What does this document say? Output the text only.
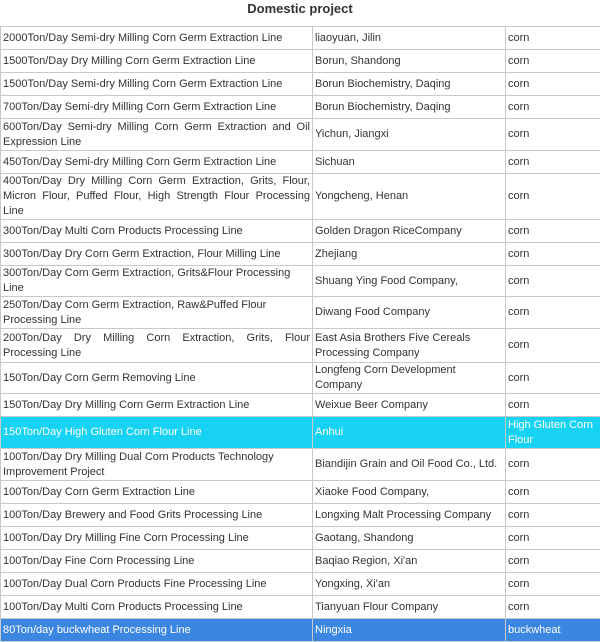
Domestic project
2000Ton/Day Semi-dry Milling Corn Germ Extraction Line	liaoyuan, Jilin	corn
1500Ton/Day Dry Milling Corn Germ Extraction Line	Borun, Shandong	corn
1500Ton/Day Semi-dry Milling Corn Germ Extraction Line	Borun Biochemistry, Daqing	corn
700Ton/Day Semi-dry Milling Corn Germ Extraction Line	Borun Biochemistry, Daqing	corn
600Ton/Day Semi-dry Milling Corn Germ Extraction and Oil Expression Line	Yichun, Jiangxi	corn
450Ton/Day Semi-dry Milling Corn Germ Extraction Line	Sichuan	corn
400Ton/Day Dry Milling Corn Germ Extraction, Grits, Flour, Micron Flour, Puffed Flour, High Strength Flour Processing Line	Yongcheng, Henan	corn
300Ton/Day Multi Corn Products Processing Line	Golden Dragon RiceCompany	corn
300Ton/Day Dry Corn Germ Extraction, Flour Milling Line	Zhejiang	corn
300Ton/Day Corn Germ Extraction, Grits&Flour Processing Line	Shuang Ying Food Company,	corn
250Ton/Day Corn Germ Extraction, Raw&Puffed Flour Processing Line	Diwang Food Company	corn
200Ton/Day Dry Milling Corn Extraction, Grits, Flour Processing Line	East Asia Brothers Five Cereals Processing Company	corn
150Ton/Day Corn Germ Removing Line	Longfeng Corn Development Company	corn
150Ton/Day Dry Milling Corn Germ Extraction Line	Weixue Beer Company	corn
150Ton/Day High Gluten Corn Flour Line	Anhui	High Gluten Corn Flour
100Ton/Day Dry Milling Dual Corn Products Technology Improvement Project	Biandijin Grain and Oil Food Co., Ltd.	corn
100Ton/Day Corn Germ Extraction Line	Xiaoke Food Company,	corn
100Ton/Day Brewery and Food Grits Processing Line	Longxing Malt Processing Company	corn
100Ton/Day Dry Milling Fine Corn Processing Line	Gaotang, Shandong	corn
100Ton/Day Fine Corn Processing Line	Baqiao Region, Xi'an	corn
100Ton/Day Dual Corn Products Fine Processing Line	Yongxing, Xi'an	corn
100Ton/Day Multi Corn Products Processing Line	Tianyuan Flour Company	corn
80Ton/day buckwheat Processing Line	Ningxia	buckwheat
